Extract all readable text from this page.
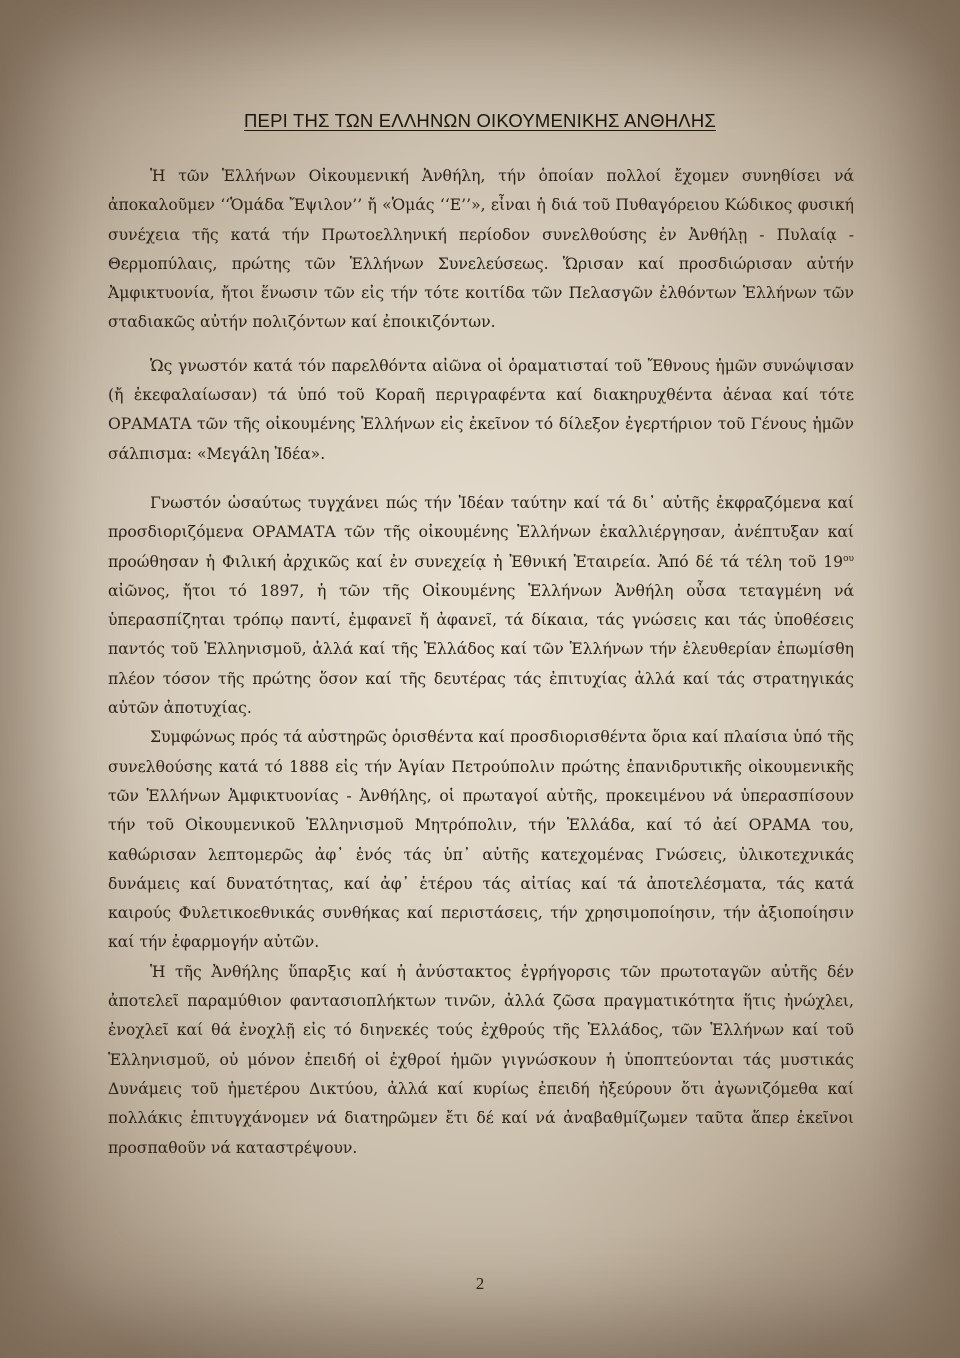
ΠΕΡΙ ΤΗΣ ΤΩΝ ΕΛΛΗΝΩΝ ΟΙΚΟΥΜΕΝΙΚΗΣ ΑΝΘΗΛΗΣ

Ἡ τῶν Ἑλλήνων Οἰκουμενική Ἀνθήλη, τήν ὁποίαν πολλοί ἔχομεν συνηθίσει νά ἀποκαλοῦμεν ‘‘Ὁμάδα Ἔψιλον’’ ἤ «Ὁμάς ‘‘Ε’’», εἶναι ἡ διά τοῦ Πυθαγόρειου Κώδικος φυσική συνέχεια τῆς κατά τήν Πρωτοελληνική περίοδον συνελθούσης ἐν Ἀνθήλῃ - Πυλαίᾳ - Θερμοπύλαις, πρώτης τῶν Ἑλλήνων Συνελεύσεως. Ὥρισαν καί προσδιώρισαν αὐτήν Ἀμφικτυονία, ἤτοι ἕνωσιν τῶν εἰς τήν τότε κοιτίδα τῶν Πελασγῶν ἐλθόντων Ἑλλήνων τῶν σταδιακῶς αὐτήν πολιζόντων καί ἐποικιζόντων.

Ὡς γνωστόν κατά τόν παρελθόντα αἰῶνα οἱ ὁραματισταί τοῦ Ἔθνους ἡμῶν συνώψισαν (ἤ ἐκεφαλαίωσαν) τά ὑπό τοῦ Κοραῆ περιγραφέντα καί διακηρυχθέντα ἀέναα καί τότε ΟΡΑΜΑΤΑ τῶν τῆς οἰκουμένης Ἑλλήνων εἰς ἐκεῖνον τό δίλεξον ἐγερτήριον τοῦ Γένους ἡμῶν σάλπισμα: «Μεγάλη Ἰδέα».

Γνωστόν ὡσαύτως τυγχάνει πώς τήν Ἰδέαν ταύτην καί τά δι᾽ αὐτῆς ἐκφραζόμενα καί προσδιοριζόμενα ΟΡΑΜΑΤΑ τῶν τῆς οἰκουμένης Ἑλλήνων ἐκαλλιέργησαν, ἀνέπτυξαν καί προώθησαν ἡ Φιλική ἀρχικῶς καί ἐν συνεχείᾳ ἡ Ἐθνική Ἑταιρεία. Ἀπό δέ τά τέλη τοῦ $19^{o\upsilon}$ αἰῶνος, ἤτοι τό 1897, ἡ τῶν τῆς Οἰκουμένης Ἑλλήνων Ἀνθήλη οὖσα τεταγμένη νά ὑπερασπίζηται τρόπῳ παντί, ἐμφανεῖ ἤ ἀφανεῖ, τά δίκαια, τάς γνώσεις και τάς ὑποθέσεις παντός τοῦ Ἑλληνισμοῦ, ἀλλά καί τῆς Ἑλλάδος καί τῶν Ἑλλήνων τήν ἐλευθερίαν ἐπωμίσθη πλέον τόσον τῆς πρώτης ὅσον καί τῆς δευτέρας τάς ἐπιτυχίας ἀλλά καί τάς στρατηγικάς αὐτῶν ἀποτυχίας.

Συμφώνως πρός τά αὐστηρῶς ὁρισθέντα καί προσδιορισθέντα ὅρια καί πλαίσια ὑπό τῆς συνελθούσης κατά τό 1888 εἰς τήν Ἁγίαν Πετρούπολιν πρώτης ἐπανιδρυτικῆς οἰκουμενικῆς τῶν Ἑλλήνων Ἀμφικτυονίας - Ἀνθήλης, οἱ πρωταγοί αὐτῆς, προκειμένου νά ὑπερασπίσουν τήν τοῦ Οἰκουμενικοῦ Ἑλληνισμοῦ Μητρόπολιν, τήν Ἑλλάδα, καί τό ἀεί ΟΡΑΜΑ του, καθώρισαν λεπτομερῶς ἀφ᾽ ἑνός τάς ὑπ᾽ αὐτῆς κατεχομένας Γνώσεις, ὑλικοτεχνικάς δυνάμεις καί δυνατότητας, καί ἀφ᾽ ἑτέρου τάς αἰτίας καί τά ἀποτελέσματα, τάς κατά καιρούς Φυλετικοεθνικάς συνθήκας καί περιστάσεις, τήν χρησιμοποίησιν, τήν ἀξιοποίησιν καί τήν ἐφαρμογήν αὐτῶν.

Ἡ τῆς Ἀνθήλης ὕπαρξις καί ἡ ἀνύστακτος ἐγρήγορσις τῶν πρωτοταγῶν αὐτῆς δέν ἀποτελεῖ παραμύθιον φαντασιοπλήκτων τινῶν, ἀλλά ζῶσα πραγματικότητα ἥτις ἠνώχλει, ἐνοχλεῖ καί θά ἐνοχλῇ εἰς τό διηνεκές τούς ἐχθρούς τῆς Ἑλλάδος, τῶν Ἑλλήνων καί τοῦ Ἑλληνισμοῦ, οὐ μόνον ἐπειδή οἱ ἐχθροί ἡμῶν γιγνώσκουν ἡ ὑποπτεύονται τάς μυστικάς Δυνάμεις τοῦ ἡμετέρου Δικτύου, ἀλλά καί κυρίως ἐπειδή ἠξεύρουν ὅτι ἀγωνιζόμεθα καί πολλάκις ἐπιτυγχάνομεν νά διατηρῶμεν ἔτι δέ καί νά ἀναβαθμίζωμεν ταῦτα ἅπερ ἐκεῖνοι προσπαθοῦν νά καταστρέψουν.

2
